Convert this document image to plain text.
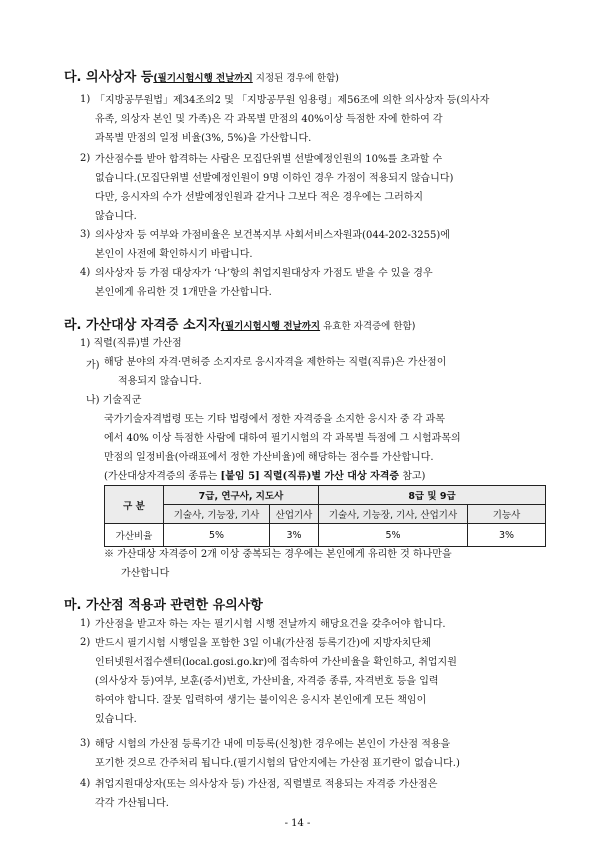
다. 의사상자 등(필기시험시행 전날까지 지정된 경우에 한함)
1) 「지방공무원법」제34조의2 및 「지방공무원 임용령」제56조에 의한 의사상자 등(의사자
유족, 의상자 본인 및 가족)은 각 과목별 만점의 40%이상 득점한 자에 한하여 각
과목별 만점의 일정 비율(3%, 5%)을 가산합니다.
2) 가산점수를 받아 합격하는 사람은 모집단위별 선발예정인원의 10%를 초과할 수
없습니다.(모집단위별 선발예정인원이 9명 이하인 경우 가점이 적용되지 않습니다)
다만, 응시자의 수가 선발예정인원과 같거나 그보다 적은 경우에는 그러하지
않습니다.
3) 의사상자 등 여부와 가점비율은 보건복지부 사회서비스자원과(044-202-3255)에
본인이 사전에 확인하시기 바랍니다.
4) 의사상자 등 가점 대상자가 ‘나’항의 취업지원대상자 가점도 받을 수 있을 경우
본인에게 유리한 것 1개만을 가산합니다.
라. 가산대상 자격증 소지자(필기시험시행 전날까지 유효한 자격증에 한함)
1) 직렬(직류)별 가산점
가) 해당 분야의 자격·면허증 소지자로 응시자격을 제한하는 직렬(직류)은 가산점이
적용되지 않습니다.
나) 기술직군
국가기술자격법령 또는 기타 법령에서 정한 자격증을 소지한 응시자 중 각 과목
에서 40% 이상 득점한 사람에 대하여 필기시험의 각 과목별 득점에 그 시험과목의
만점의 일정비율(아래표에서 정한 가산비율)에 해당하는 점수를 가산합니다.
(가산대상자격증의 종류는 [붙임 5] 직렬(직류)별 가산 대상 자격증 참고)
구 분	7급, 연구사, 지도사		8급 및 9급	
	기술사, 기능장, 기사	산업기사	기술사, 기능장, 기사, 산업기사	기능사
가산비율	5%	3%	5%	3%
※ 가산대상 자격증이 2개 이상 중복되는 경우에는 본인에게 유리한 것 하나만을
가산합니다
마. 가산점 적용과 관련한 유의사항
1) 가산점을 받고자 하는 자는 필기시험 시행 전날까지 해당요건을 갖추어야 합니다.
2) 반드시 필기시험 시행일을 포함한 3일 이내(가산점 등록기간)에 지방자치단체
인터넷원서접수센터(local.gosi.go.kr)에 접속하여 가산비율을 확인하고, 취업지원
(의사상자 등)여부, 보훈(증서)번호, 가산비율, 자격증 종류, 자격번호 등을 입력
하여야 합니다. 잘못 입력하여 생기는 불이익은 응시자 본인에게 모든 책임이
있습니다.
3) 해당 시험의 가산점 등록기간 내에 미등록(신청)한 경우에는 본인이 가산점 적용을
포기한 것으로 간주처리 됩니다.(필기시험의 답안지에는 가산점 표기란이 없습니다.)
4) 취업지원대상자(또는 의사상자 등) 가산점, 직렬별로 적용되는 자격증 가산점은
각각 가산됩니다.
- 14 -
